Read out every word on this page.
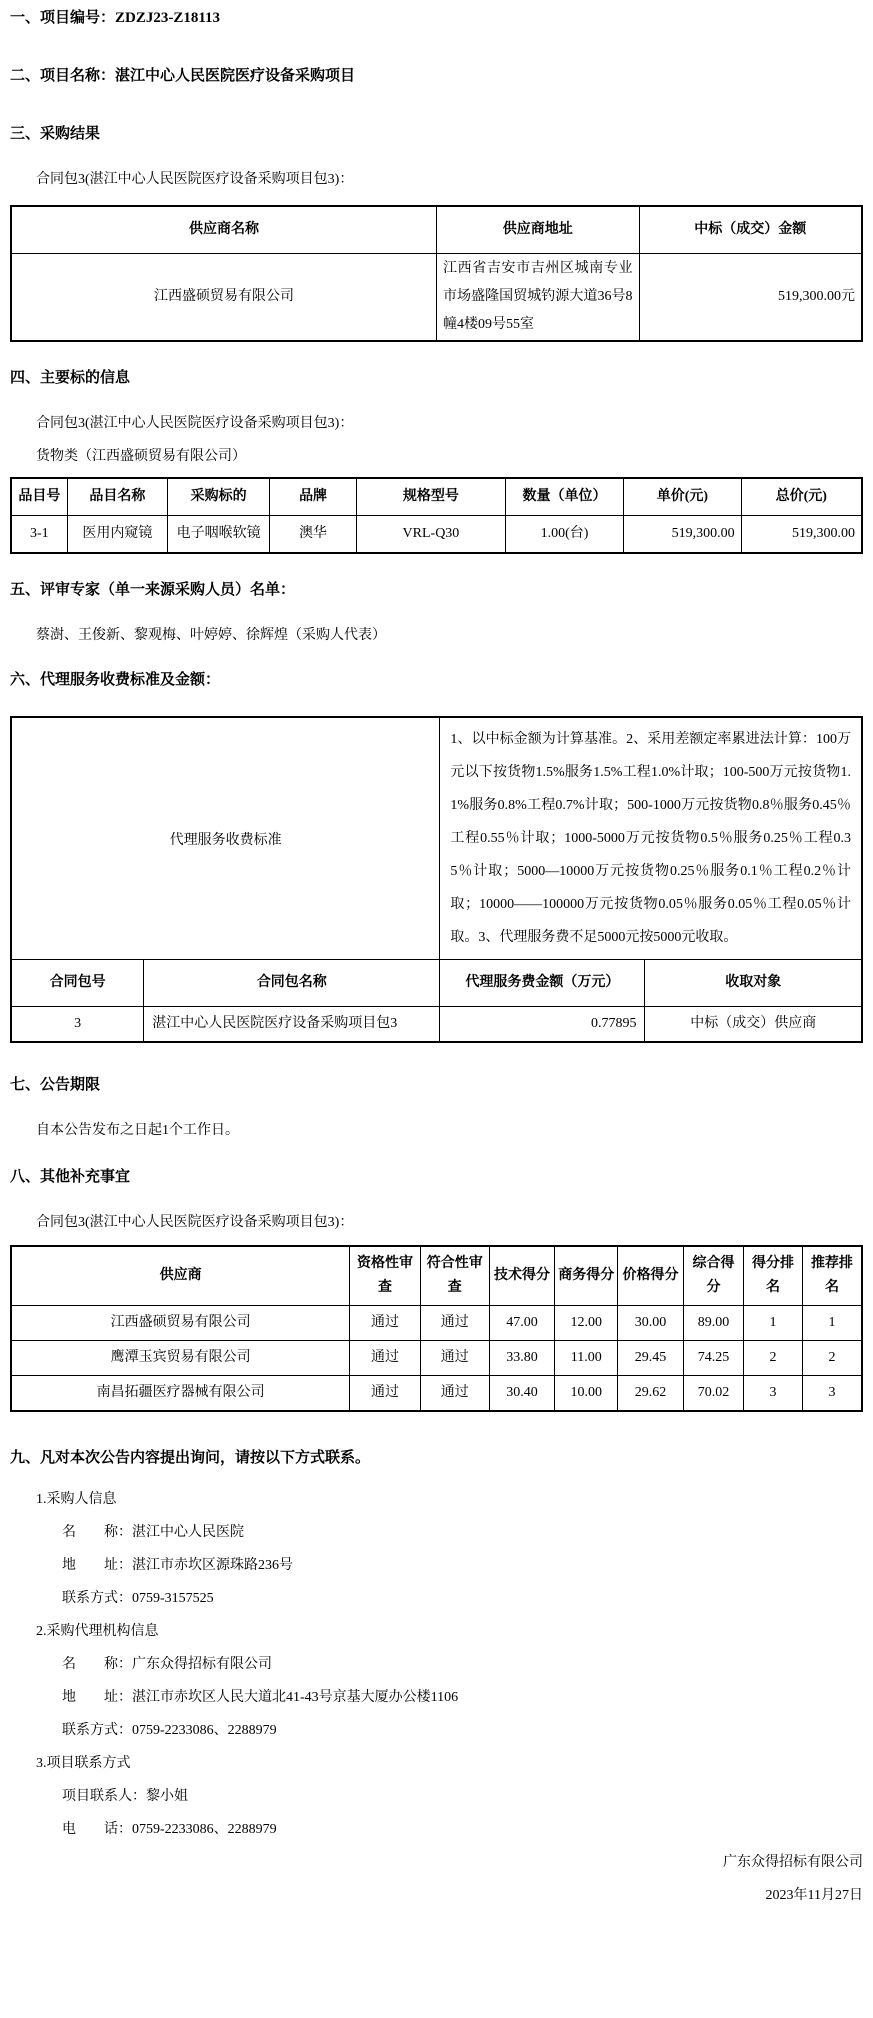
一、项目编号：ZDZJ23-Z18113
二、项目名称：湛江中心人民医院医疗设备采购项目
三、采购结果

合同包3(湛江中心人民医院医疗设备采购项目包3)：

供应商名称	供应商地址	中标（成交）金额
江西盛硕贸易有限公司	江西省吉安市吉州区城南专业市场盛隆国贸城钓源大道36号8幢4楼09号55室	519,300.00元
四、主要标的信息

合同包3(湛江中心人民医院医疗设备采购项目包3)：

货物类（江西盛硕贸易有限公司）

品目号	品目名称	采购标的	品牌	规格型号	数量（单位）	单价(元)	总价(元)
3-1	医用内窥镜	电子咽喉软镜	澳华	VRL-Q30	1.00(台)	519,300.00	519,300.00
五、评审专家（单一来源采购人员）名单：

蔡澍、王俊新、黎观梅、叶婷婷、徐辉煌（采购人代表）

六、代理服务收费标准及金额：
代理服务收费标准		1、以中标金额为计算基准。2、采用差额定率累进法计算：100万元以下按货物1.5%服务1.5%工程1.0%计取；100-500万元按货物1.1%服务0.8%工程0.7%计取；500-1000万元按货物0.8％服务0.45％工程0.55％计取；1000-5000万元按货物0.5％服务0.25％工程0.35％计取；5000—10000万元按货物0.25％服务0.1％工程0.2％计取；10000——100000万元按货物0.05％服务0.05％工程0.05％计取。3、代理服务费不足5000元按5000元收取。	
合同包号	合同包名称	代理服务费金额（万元）	收取对象
3	湛江中心人民医院医疗设备采购项目包3	0.77895	中标（成交）供应商
七、公告期限

自本公告发布之日起1个工作日。

八、其他补充事宜

合同包3(湛江中心人民医院医疗设备采购项目包3)：

供应商	资格性审查	符合性审查	技术得分	商务得分	价格得分	综合得分	得分排名	推荐排名
江西盛硕贸易有限公司	通过	通过	47.00	12.00	30.00	89.00	1	1
鹰潭玉宾贸易有限公司	通过	通过	33.80	11.00	29.45	74.25	2	2
南昌拓疆医疗器械有限公司	通过	通过	30.40	10.00	29.62	70.02	3	3
九、凡对本次公告内容提出询问，请按以下方式联系。

1.采购人信息

名　　称：湛江中心人民医院

地　　址：湛江市赤坎区源珠路236号

联系方式：0759-3157525

2.采购代理机构信息

名　　称：广东众得招标有限公司

地　　址：湛江市赤坎区人民大道北41-43号京基大厦办公楼1106

联系方式：0759-2233086、2288979

3.项目联系方式

项目联系人：黎小姐

电　　话：0759-2233086、2288979

广东众得招标有限公司

2023年11月27日
